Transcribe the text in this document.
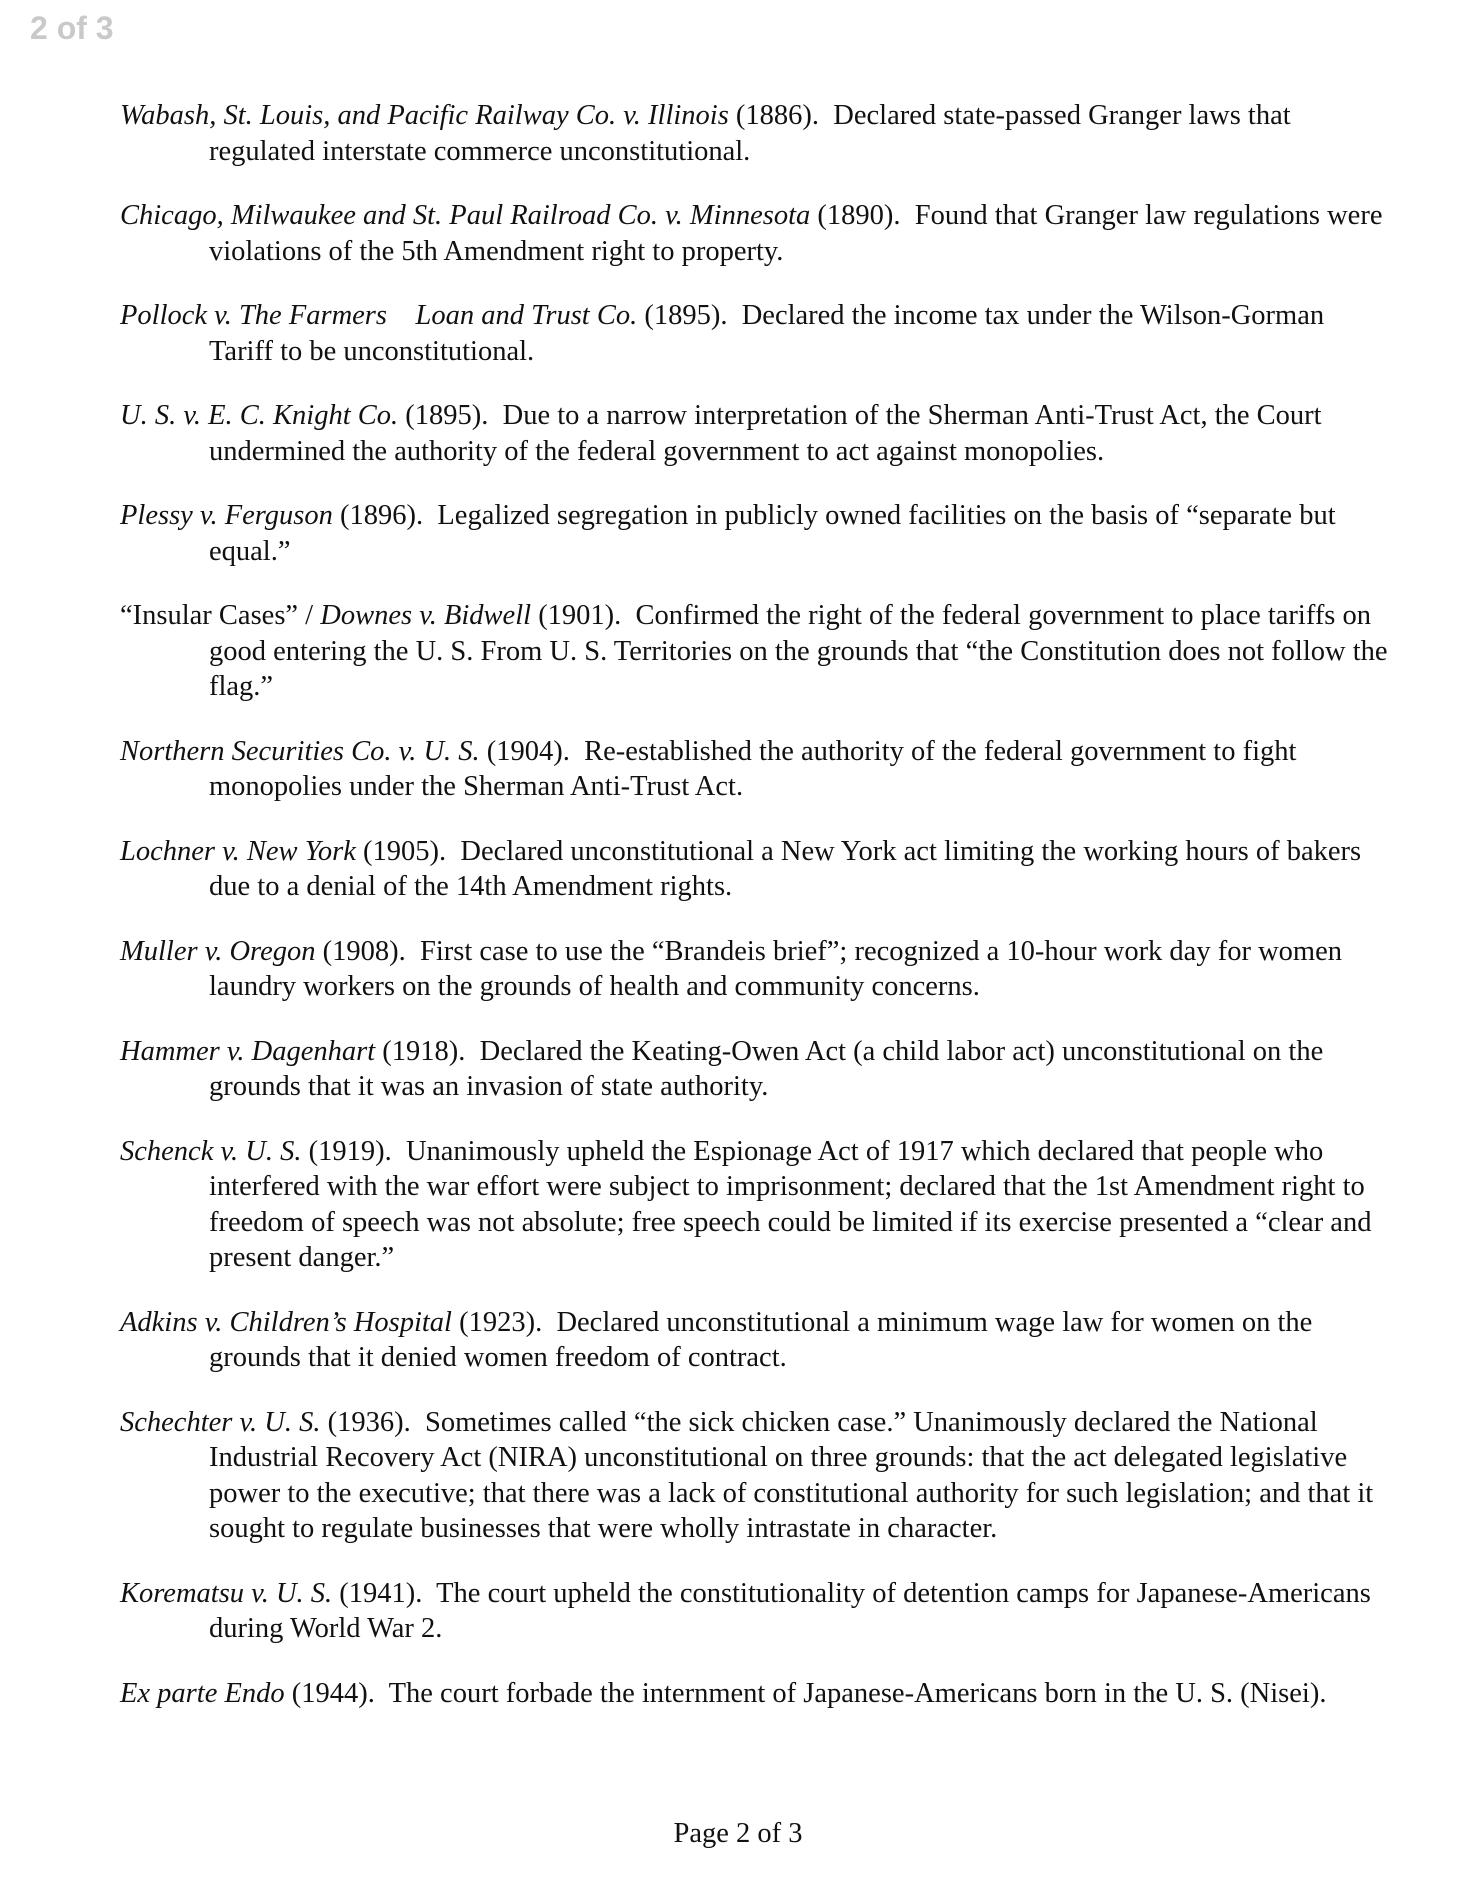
2 of 3

Wabash, St. Louis, and Pacific Railway Co. v. Illinois (1886). Declared state-passed Granger laws that regulated interstate commerce unconstitutional.

Chicago, Milwaukee and St. Paul Railroad Co. v. Minnesota (1890). Found that Granger law regulations were violations of the 5th Amendment right to property.

Pollock v. The Farmers    Loan and Trust Co. (1895). Declared the income tax under the Wilson-Gorman Tariff to be unconstitutional.

U. S. v. E. C. Knight Co. (1895). Due to a narrow interpretation of the Sherman Anti-Trust Act, the Court undermined the authority of the federal government to act against monopolies.

Plessy v. Ferguson (1896). Legalized segregation in publicly owned facilities on the basis of “separate but equal.”

“Insular Cases” / Downes v. Bidwell (1901). Confirmed the right of the federal government to place tariffs on good entering the U. S. From U. S. Territories on the grounds that “the Constitution does not follow the flag.”

Northern Securities Co. v. U. S. (1904). Re-established the authority of the federal government to fight monopolies under the Sherman Anti-Trust Act.

Lochner v. New York (1905). Declared unconstitutional a New York act limiting the working hours of bakers due to a denial of the 14th Amendment rights.

Muller v. Oregon (1908). First case to use the “Brandeis brief”; recognized a 10-hour work day for women laundry workers on the grounds of health and community concerns.

Hammer v. Dagenhart (1918). Declared the Keating-Owen Act (a child labor act) unconstitutional on the grounds that it was an invasion of state authority.

Schenck v. U. S. (1919). Unanimously upheld the Espionage Act of 1917 which declared that people who interfered with the war effort were subject to imprisonment; declared that the 1st Amendment right to freedom of speech was not absolute; free speech could be limited if its exercise presented a “clear and present danger.”

Adkins v. Children’s Hospital (1923). Declared unconstitutional a minimum wage law for women on the grounds that it denied women freedom of contract.

Schechter v. U. S. (1936). Sometimes called “the sick chicken case.” Unanimously declared the National Industrial Recovery Act (NIRA) unconstitutional on three grounds: that the act delegated legislative power to the executive; that there was a lack of constitutional authority for such legislation; and that it sought to regulate businesses that were wholly intrastate in character.

Korematsu v. U. S. (1941). The court upheld the constitutionality of detention camps for Japanese-Americans during World War 2.

Ex parte Endo (1944). The court forbade the internment of Japanese-Americans born in the U. S. (Nisei).

Page 2 of 3
